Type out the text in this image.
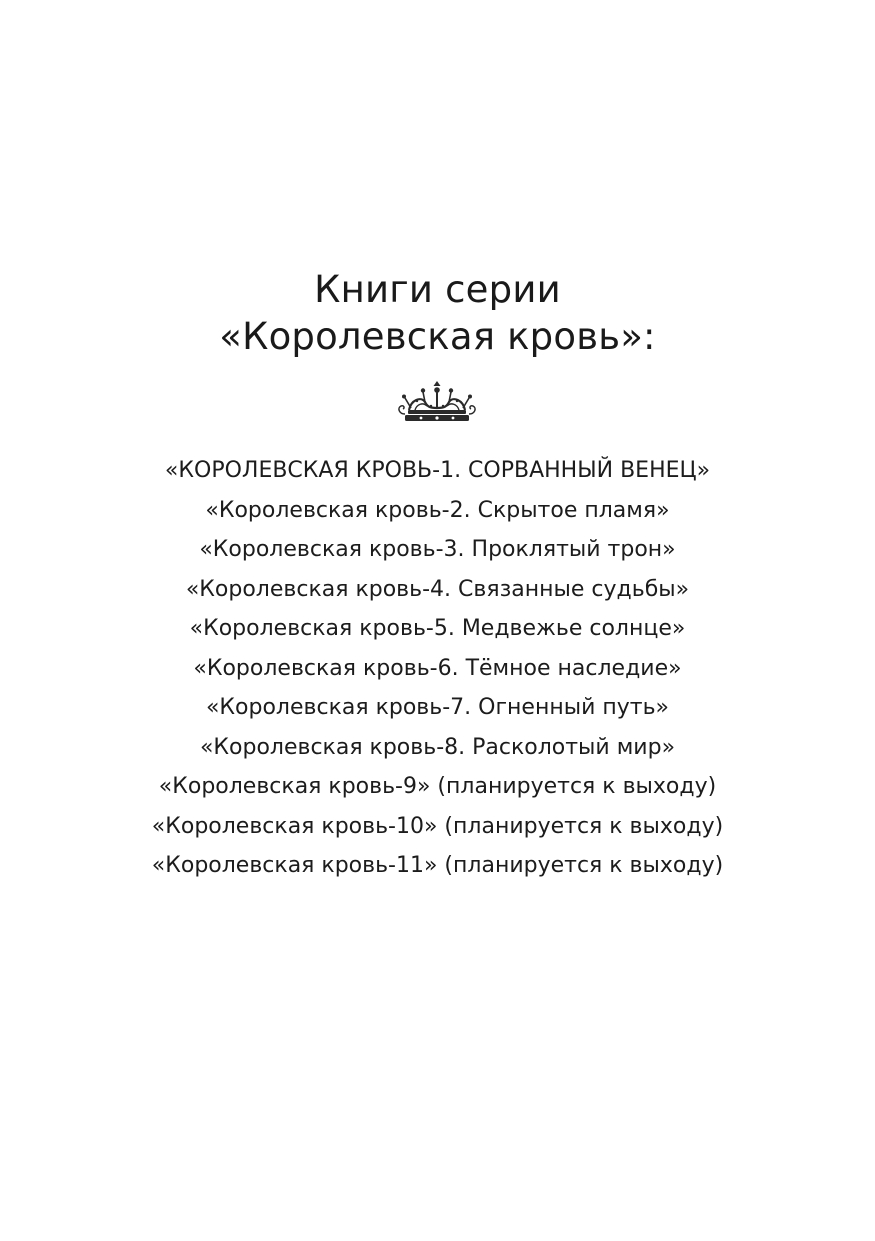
Книги серии
«Королевская кровь»:
«КОРОЛЕВСКАЯ КРОВЬ-1. СОРВАННЫЙ ВЕНЕЦ»
«Королевская кровь-2. Скрытое пламя»
«Королевская кровь-3. Проклятый трон»
«Королевская кровь-4. Связанные судьбы»
«Королевская кровь-5. Медвежье солнце»
«Королевская кровь-6. Тёмное наследие»
«Королевская кровь-7. Огненный путь»
«Королевская кровь-8. Расколотый мир»
«Королевская кровь-9» (планируется к выходу)
«Королевская кровь-10» (планируется к выходу)
«Королевская кровь-11» (планируется к выходу)
